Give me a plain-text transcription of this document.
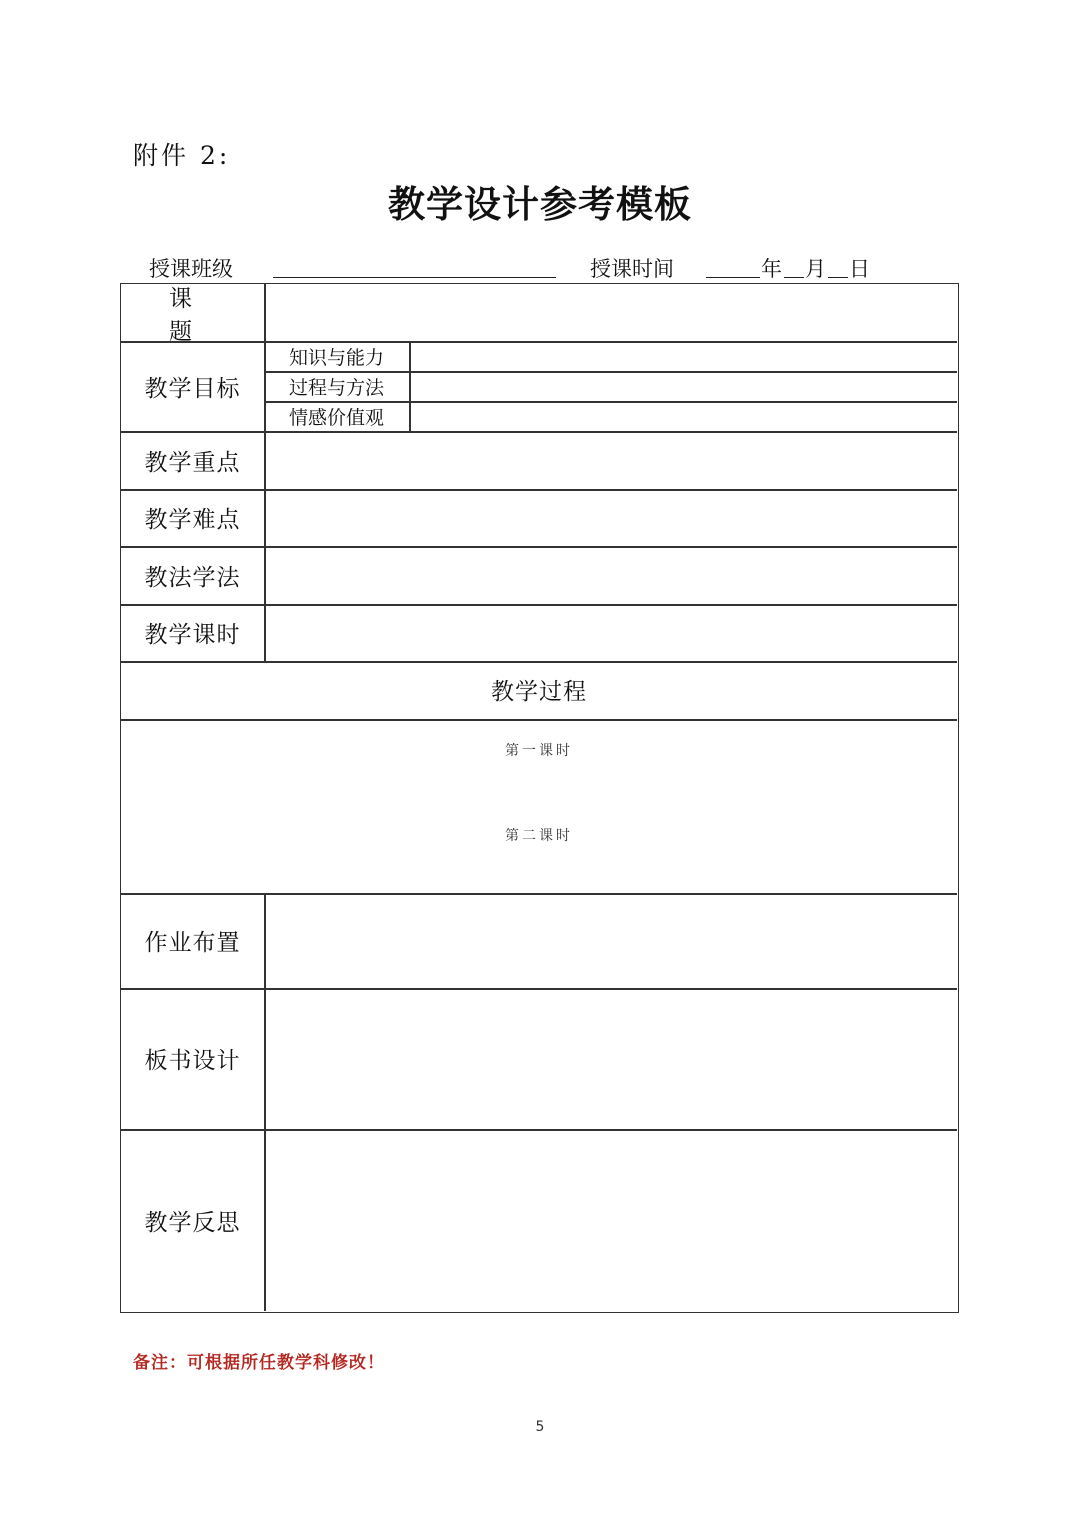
附件 2:
教学设计参考模板
授课班级	授课时间	年 月 日
课题
教学目标
知识与能力
过程与方法
情感价值观
教学重点
教学难点
教法学法
教学课时
教学过程
第一课时
第二课时
作业布置
板书设计
教学反思
备注：可根据所任教学科修改！
5
